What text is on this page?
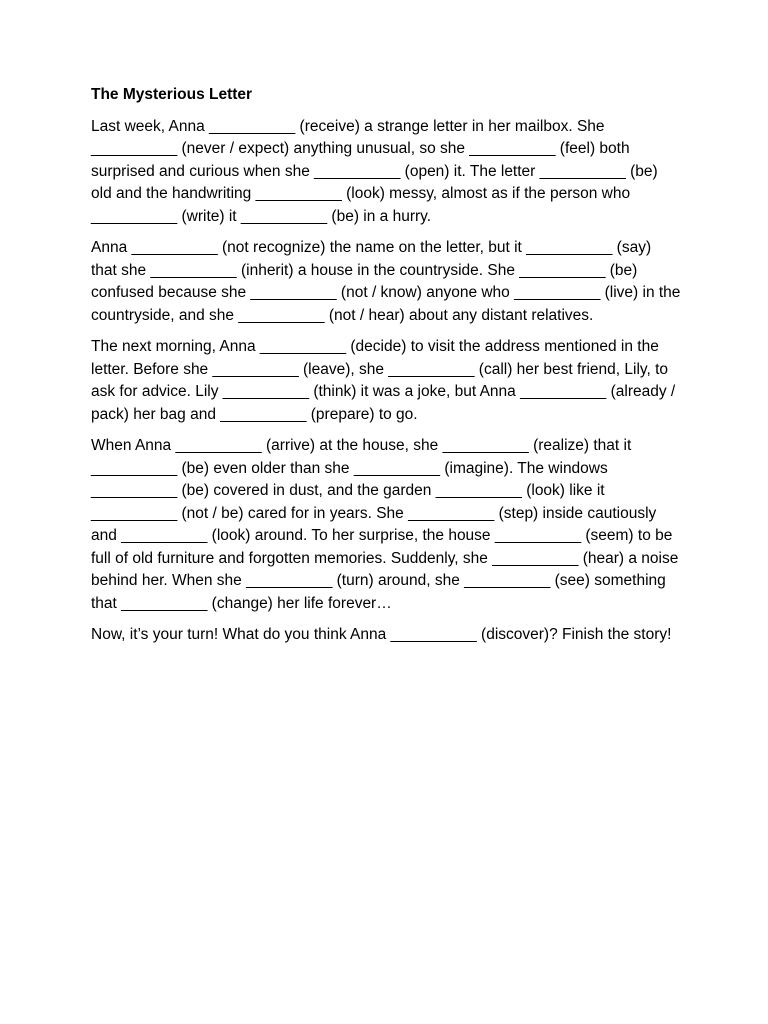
The Mysterious Letter

Last week, Anna __________ (receive) a strange letter in her mailbox. She __________ (never / expect) anything unusual, so she __________ (feel) both surprised and curious when she __________ (open) it. The letter __________ (be) old and the handwriting __________ (look) messy, almost as if the person who __________ (write) it __________ (be) in a hurry.

Anna __________ (not recognize) the name on the letter, but it __________ (say) that she __________ (inherit) a house in the countryside. She __________ (be) confused because she __________ (not / know) anyone who __________ (live) in the countryside, and she __________ (not / hear) about any distant relatives.

The next morning, Anna __________ (decide) to visit the address mentioned in the letter. Before she __________ (leave), she __________ (call) her best friend, Lily, to ask for advice. Lily __________ (think) it was a joke, but Anna __________ (already / pack) her bag and __________ (prepare) to go.

When Anna __________ (arrive) at the house, she __________ (realize) that it __________ (be) even older than she __________ (imagine). The windows __________ (be) covered in dust, and the garden __________ (look) like it __________ (not / be) cared for in years. She __________ (step) inside cautiously and __________ (look) around. To her surprise, the house __________ (seem) to be full of old furniture and forgotten memories. Suddenly, she __________ (hear) a noise behind her. When she __________ (turn) around, she __________ (see) something that __________ (change) her life forever…

Now, it’s your turn! What do you think Anna __________ (discover)? Finish the story!
